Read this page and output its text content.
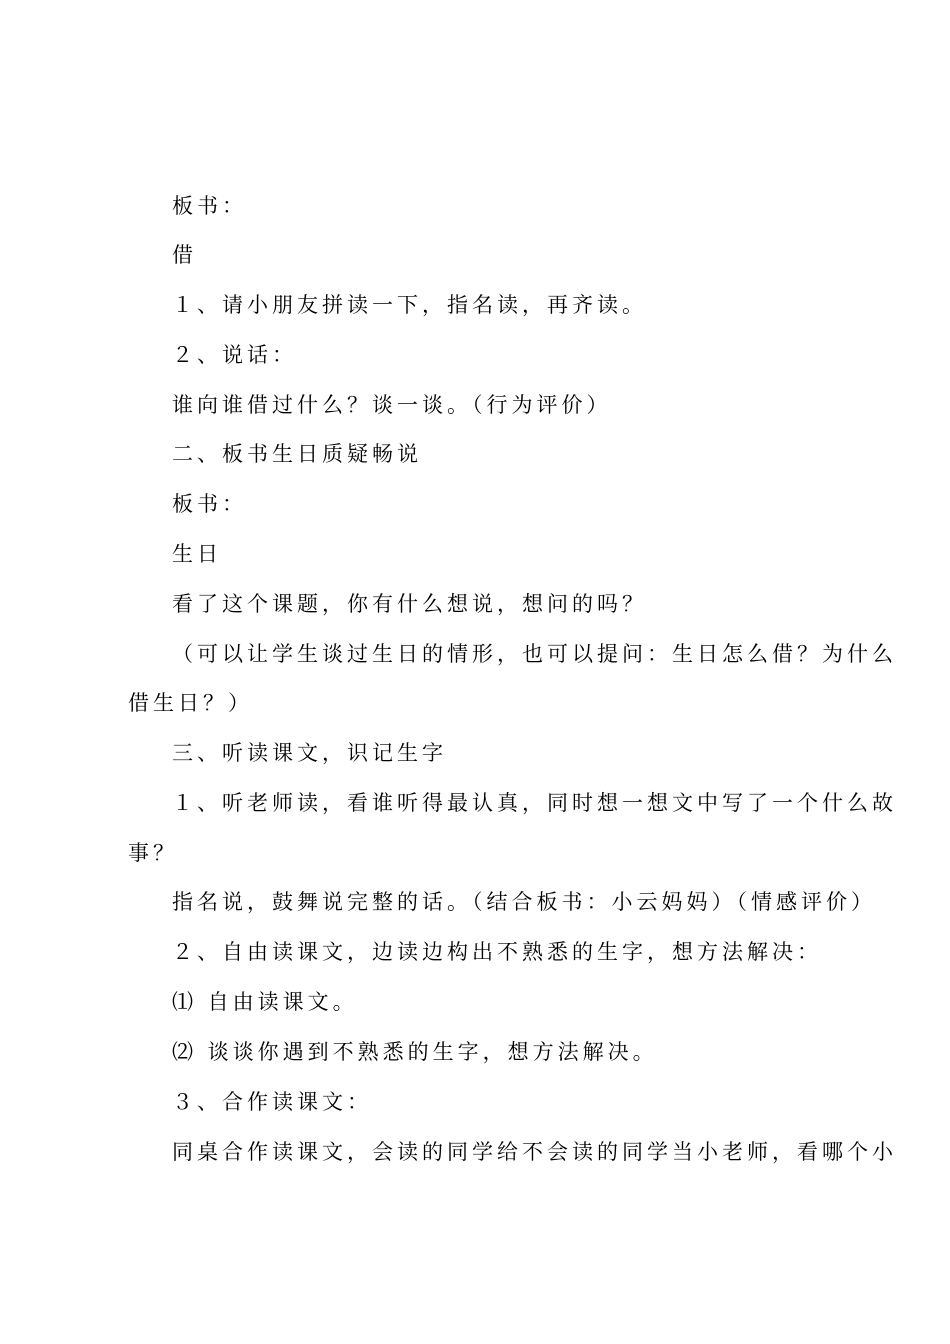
板书：
借
１、请小朋友拼读一下，指名读，再齐读。
２、说话：
谁向谁借过什么？谈一谈。（行为评价）
二、板书生日质疑畅说
板书：
生日
看了这个课题，你有什么想说，想问的吗？
（可以让学生谈过生日的情形，也可以提问：生日怎么借？为什么
借生日？）
三、听读课文，识记生字
１、听老师读，看谁听得最认真，同时想一想文中写了一个什么故
事？
指名说，鼓舞说完整的话。（结合板书：小云妈妈）（情感评价）
２、自由读课文，边读边构出不熟悉的生字，想方法解决：
⑴ 自由读课文。
⑵ 谈谈你遇到不熟悉的生字，想方法解决。
３、合作读课文：
同桌合作读课文，会读的同学给不会读的同学当小老师，看哪个小
